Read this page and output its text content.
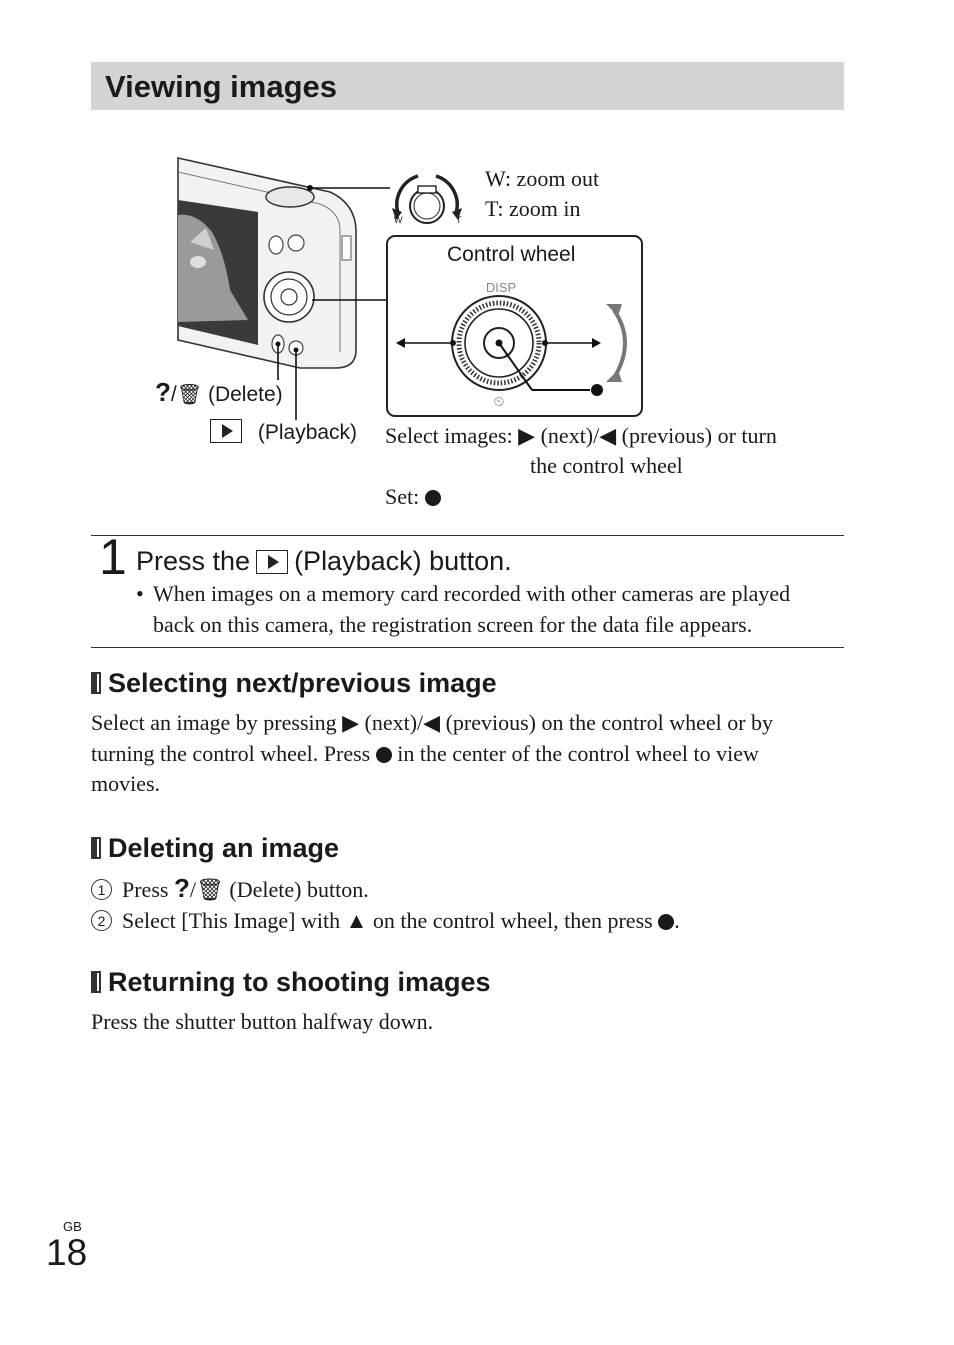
Viewing images
⏲
W	T
DISP
W: zoom out
T: zoom in
Control wheel
?/🗑 (Delete)
(Playback) Select images: ▶ (next)/◀ (previous) or turn
the control wheel
Set:
1 Press the (Playback) button.
• When images on a memory card recorded with other cameras are played
back on this camera, the registration screen for the data file appears.
Selecting next/previous image
Select an image by pressing ▶ (next)/◀ (previous) on the control wheel or by
turning the control wheel. Press in the center of the control wheel to view
movies.
Deleting an image
1 Press ?/🗑 (Delete) button.
2 Select [This Image] with ▲ on the control wheel, then press .
Returning to shooting images
Press the shutter button halfway down.
GB
18
